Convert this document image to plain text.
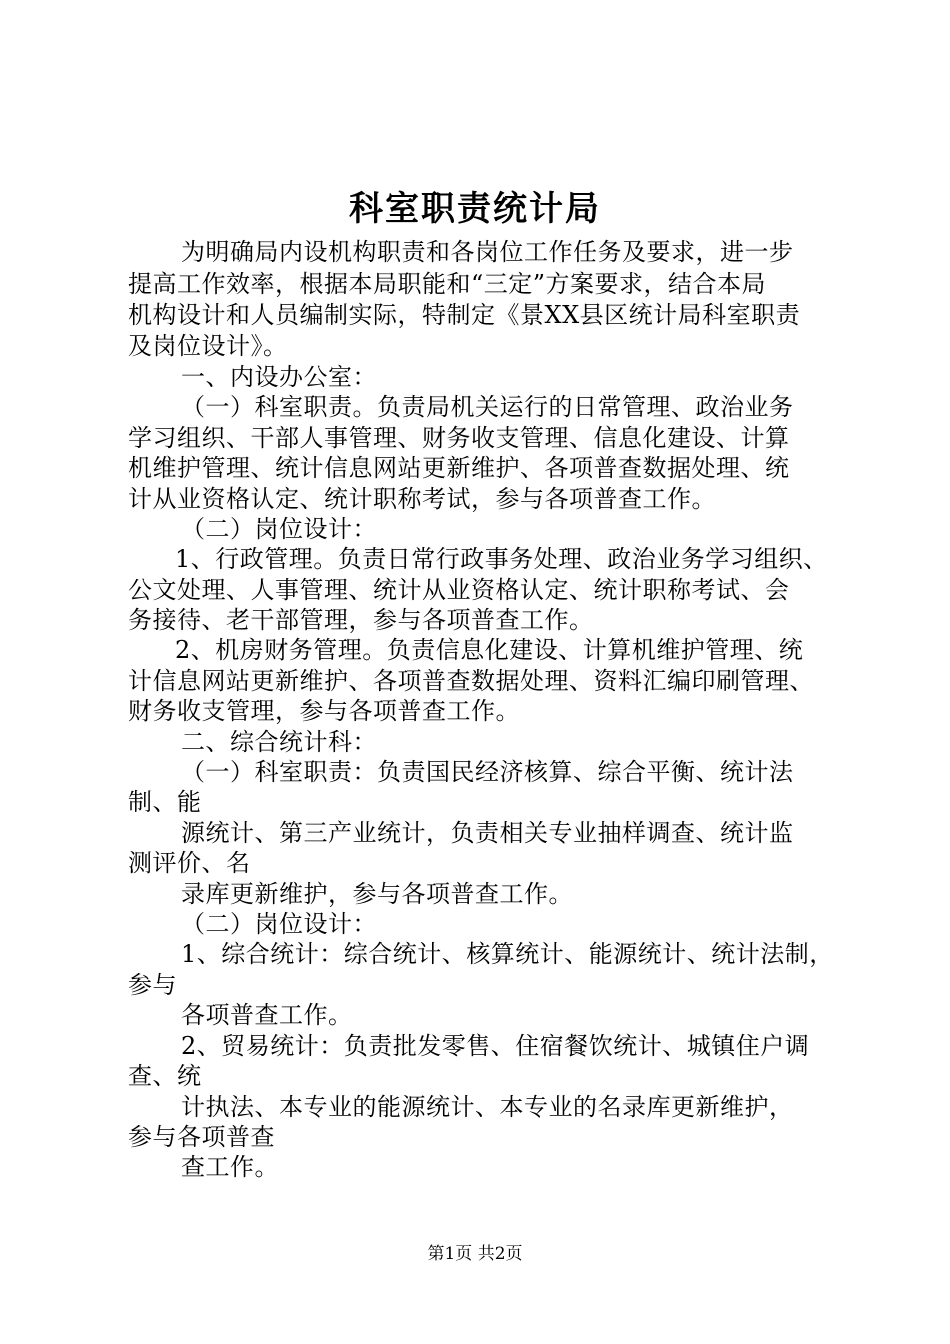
科室职责统计局
为明确局内设机构职责和各岗位工作任务及要求，进一步
提高工作效率，根据本局职能和“三定”方案要求，结合本局
机构设计和人员编制实际，特制定《景XX县区统计局科室职责
及岗位设计》。
一、内设办公室：
（一）科室职责。负责局机关运行的日常管理、政治业务
学习组织、干部人事管理、财务收支管理、信息化建设、计算
机维护管理、统计信息网站更新维护、各项普查数据处理、统
计从业资格认定、统计职称考试，参与各项普查工作。
（二）岗位设计：
1、行政管理。负责日常行政事务处理、政治业务学习组织、
公文处理、人事管理、统计从业资格认定、统计职称考试、会
务接待、老干部管理，参与各项普查工作。
2、机房财务管理。负责信息化建设、计算机维护管理、统
计信息网站更新维护、各项普查数据处理、资料汇编印刷管理、
财务收支管理，参与各项普查工作。
二、综合统计科：
（一）科室职责：负责国民经济核算、综合平衡、统计法
制、能
源统计、第三产业统计，负责相关专业抽样调查、统计监
测评价、名
录库更新维护，参与各项普查工作。
（二）岗位设计：
1、综合统计：综合统计、核算统计、能源统计、统计法制，
参与
各项普查工作。
2、贸易统计：负责批发零售、住宿餐饮统计、城镇住户调
查、统
计执法、本专业的能源统计、本专业的名录库更新维护，
参与各项普查
查工作。
第1页 共2页
